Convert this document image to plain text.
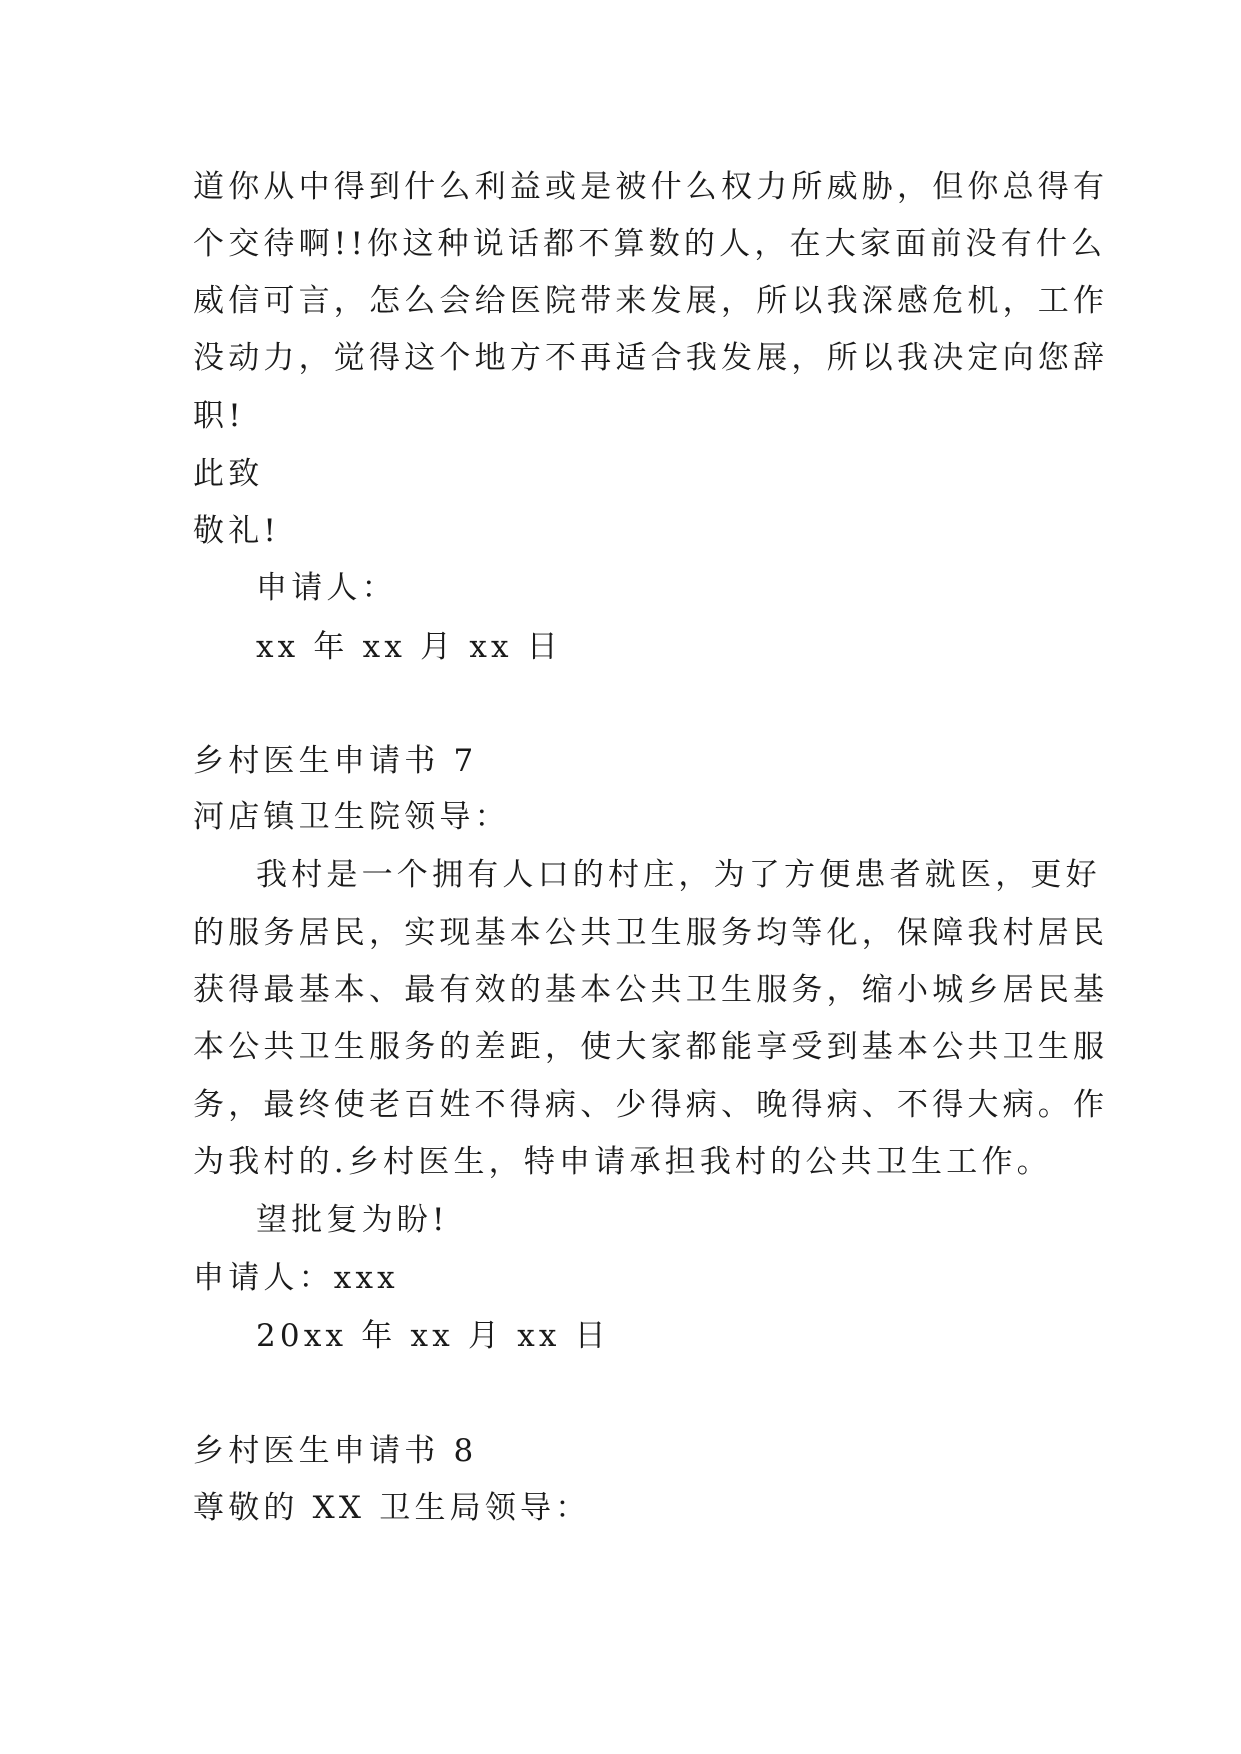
道你从中得到什么利益或是被什么权力所威胁，但你总得有
个交待啊!!你这种说话都不算数的人，在大家面前没有什么
威信可言，怎么会给医院带来发展，所以我深感危机，工作
没动力，觉得这个地方不再适合我发展，所以我决定向您辞
职!
此致
敬礼!
申请人：
xx 年 xx 月 xx 日
乡村医生申请书 7
河店镇卫生院领导：
我村是一个拥有人口的村庄，为了方便患者就医，更好
的服务居民，实现基本公共卫生服务均等化，保障我村居民
获得最基本、最有效的基本公共卫生服务，缩小城乡居民基
本公共卫生服务的差距，使大家都能享受到基本公共卫生服
务，最终使老百姓不得病、少得病、晚得病、不得大病。作
为我村的.乡村医生，特申请承担我村的公共卫生工作。
望批复为盼!
申请人：xxx
20xx 年 xx 月 xx 日
乡村医生申请书 8
尊敬的 XX 卫生局领导：
